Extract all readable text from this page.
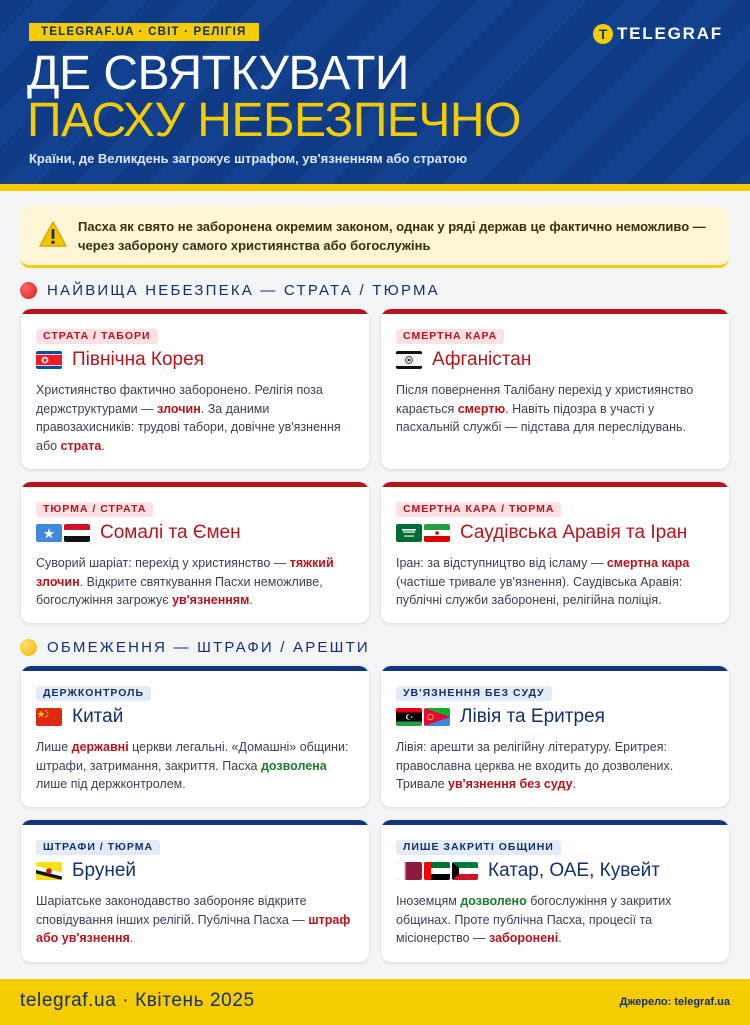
TELEGRAF.UA · СВІТ · РЕЛІГІЯ	T TELEGRAF
ДЕ СВЯТКУВАТИ
ПАСХУ НЕБЕЗПЕЧНО
Країни, де Великдень загрожує штрафом, ув'язненням або стратою
Пасха як свято не заборонена окремим законом, однак у ряді держав це фактично неможливо — через заборону самого християнства або богослужінь
НАЙВИЩА НЕБЕЗПЕКА — СТРАТА / ТЮРМА
СТРАТА / ТАБОРИ
Північна Корея
Християнство фактично заборонено. Релігія поза держструктурами — злочин. За даними правозахисників: трудові табори, довічне ув'язнення або страта.
СМЕРТНА КАРА
Афганістан
Після повернення Талібану перехід у християнство карається смертю. Навіть підозра в участі у пасхальній службі — підстава для переслідувань.
ТЮРМА / СТРАТА
Сомалі та Ємен
Суворий шаріат: перехід у християнство — тяжкий злочин. Відкрите святкування Пасхи неможливе, богослужіння загрожує ув'язненням.
СМЕРТНА КАРА / ТЮРМА
Саудівська Аравія та Іран
Іран: за відступництво від ісламу — смертна кара (частіше тривале ув'язнення). Саудівська Аравія: публічні служби заборонені, релігійна поліція.
ОБМЕЖЕННЯ — ШТРАФИ / АРЕШТИ
ДЕРЖКОНТРОЛЬ
Китай
Лише державні церкви легальні. «Домашні» общини: штрафи, затримання, закриття. Пасха дозволена лише під держконтролем.
УВ'ЯЗНЕННЯ БЕЗ СУДУ
Лівія та Еритрея
Лівія: арешти за релігійну літературу. Еритрея: православна церква не входить до дозволених. Тривале ув'язнення без суду.
ШТРАФИ / ТЮРМА
Бруней
Шаріатське законодавство забороняє відкрите сповідування інших релігій. Публічна Пасха — штраф або ув'язнення.
ЛИШЕ ЗАКРИТІ ОБЩИНИ
Катар, ОАЕ, Кувейт
Іноземцям дозволено богослужіння у закритих общинах. Проте публічна Пасха, процесії та місіонерство — заборонені.
telegraf.ua · Квітень 2025	Джерело: telegraf.ua
